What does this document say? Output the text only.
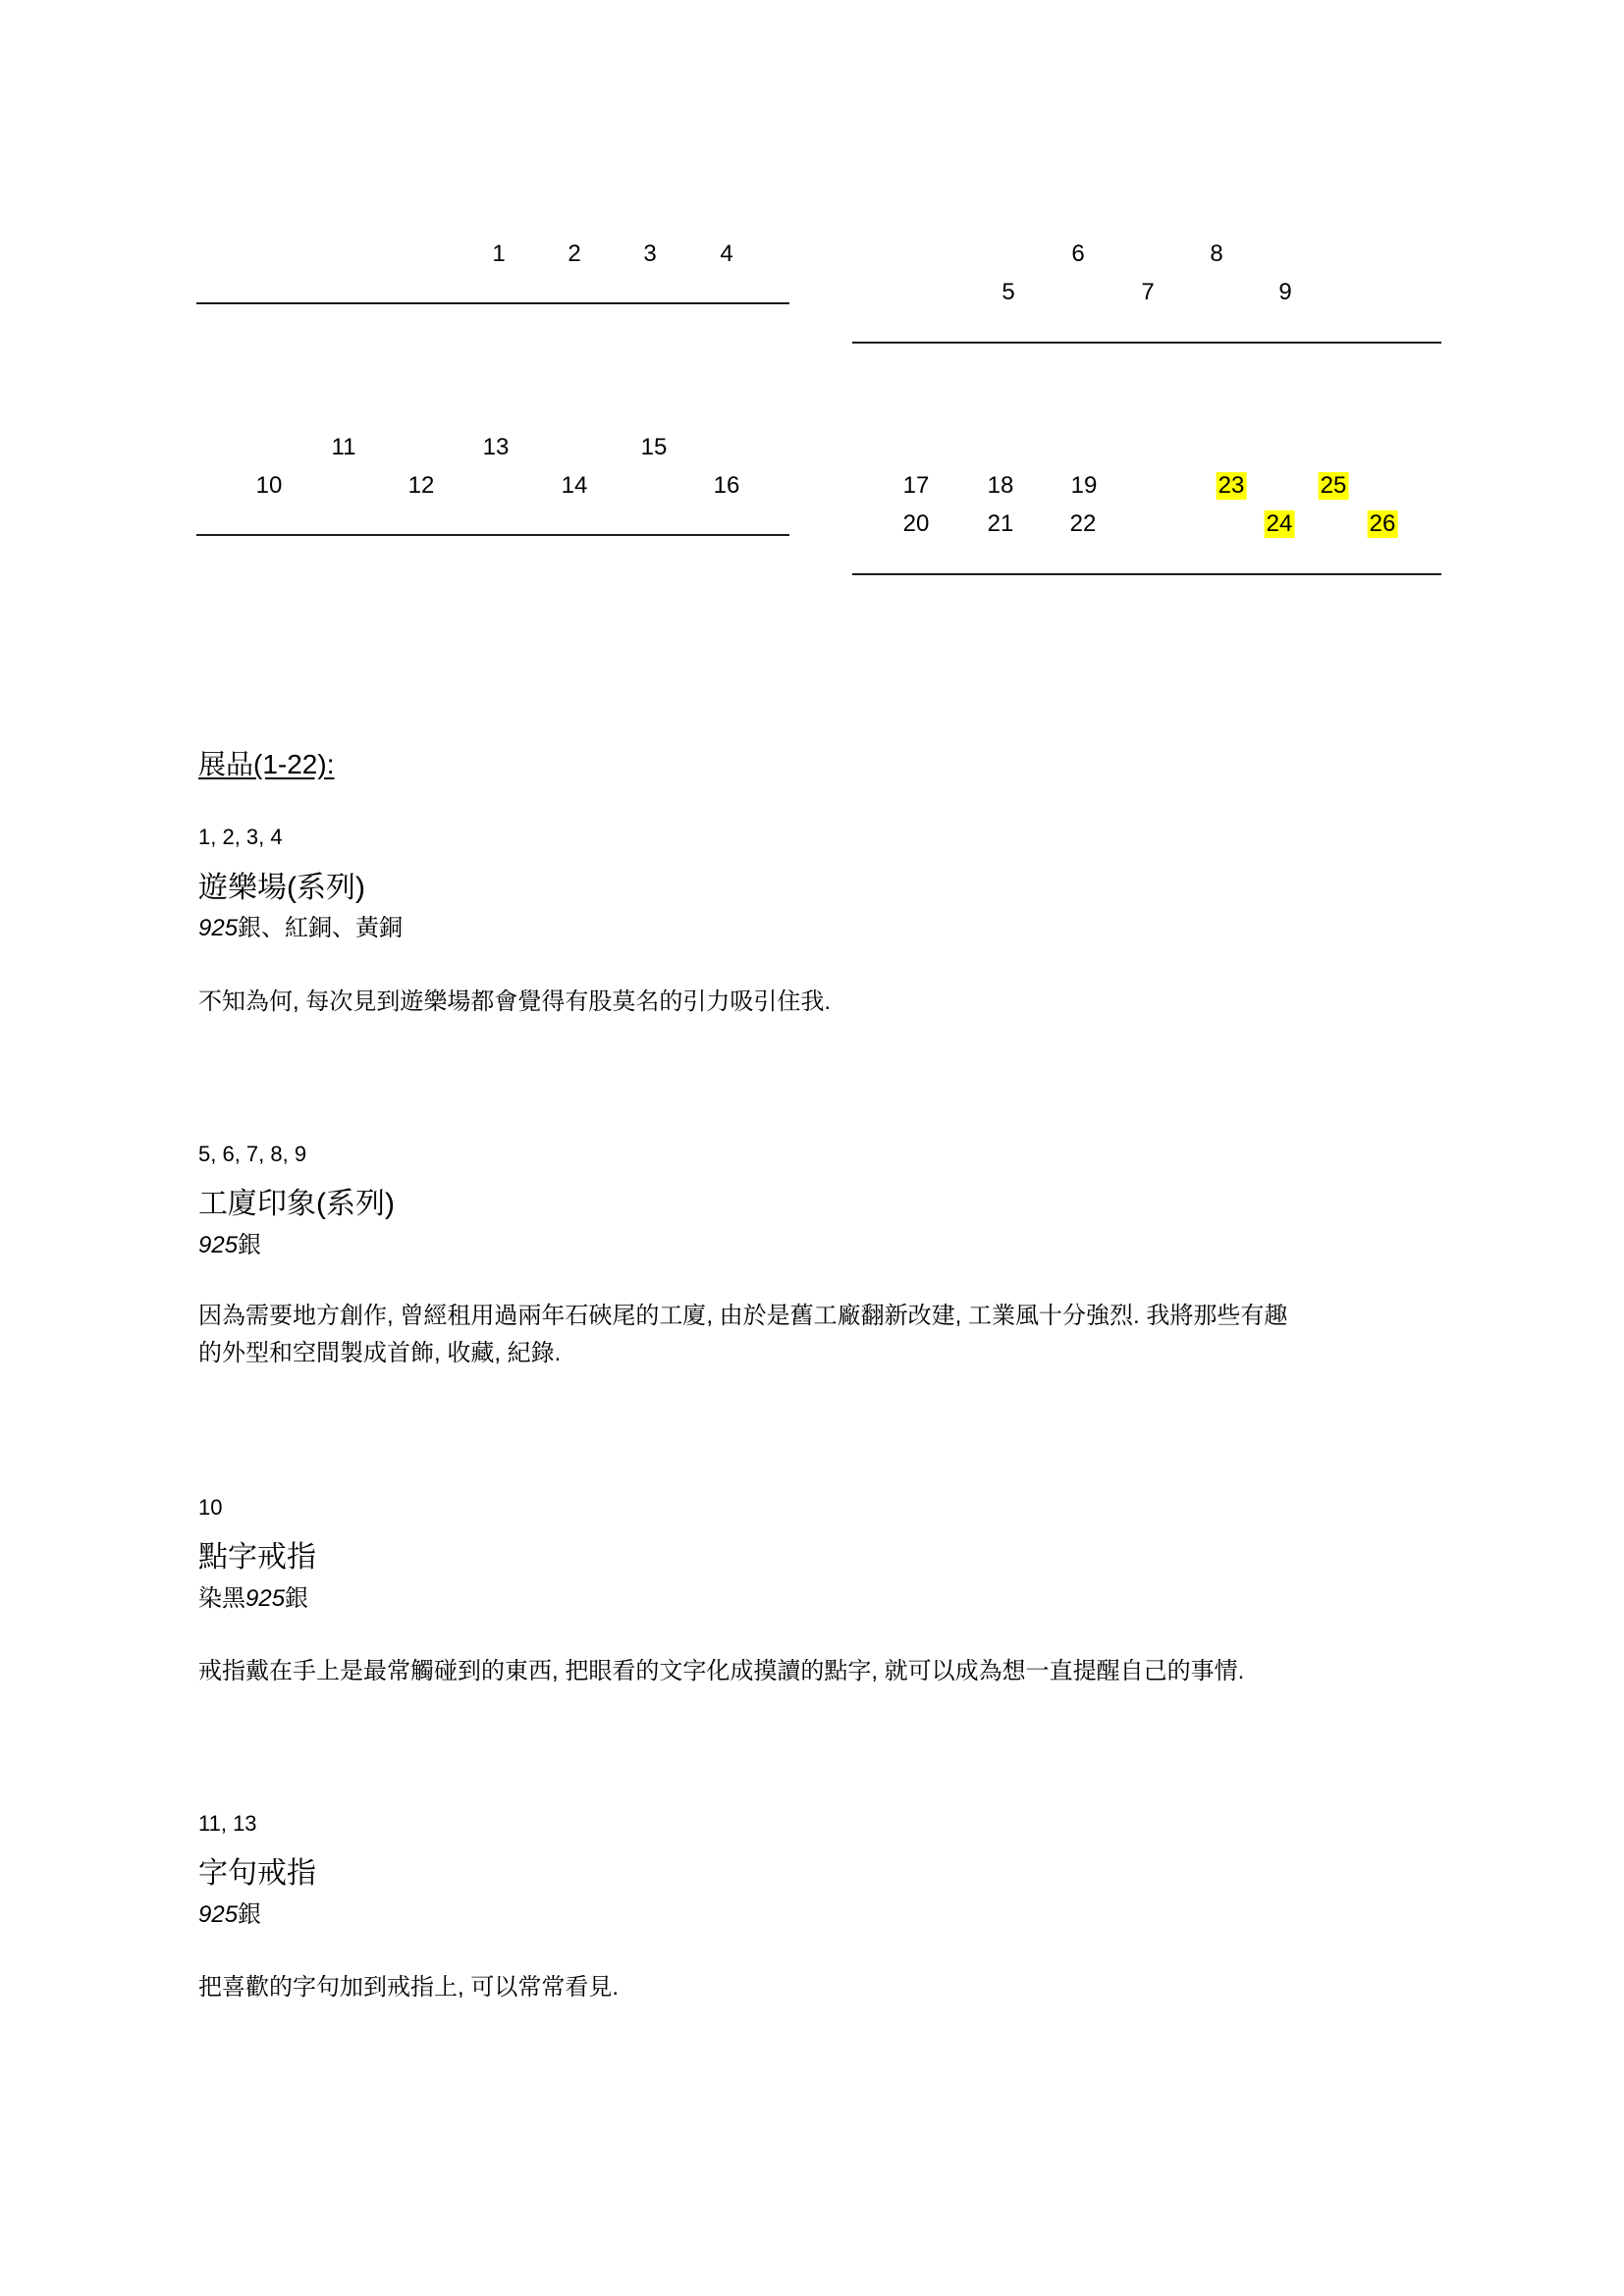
1	2	3	4	6	8
5	7	9
11	13	15
10	12	14	16	17 18 19	23	25
20 21 22	24	26
展品(1-22):
1, 2, 3, 4
遊樂場(系列)
925銀、紅銅、黃銅
不知為何, 每次見到遊樂場都會覺得有股莫名的引力吸引住我.
5, 6, 7, 8, 9
工廈印象(系列)
925銀
因為需要地方創作, 曾經租用過兩年石硤尾的工廈, 由於是舊工廠翻新改建, 工業風十分強烈. 我將那些有趣
的外型和空間製成首飾, 收藏, 紀錄.
10
點字戒指
染黑925銀
戒指戴在手上是最常觸碰到的東西, 把眼看的文字化成摸讀的點字, 就可以成為想一直提醒自己的事情.
11, 13
字句戒指
925銀
把喜歡的字句加到戒指上, 可以常常看見.
